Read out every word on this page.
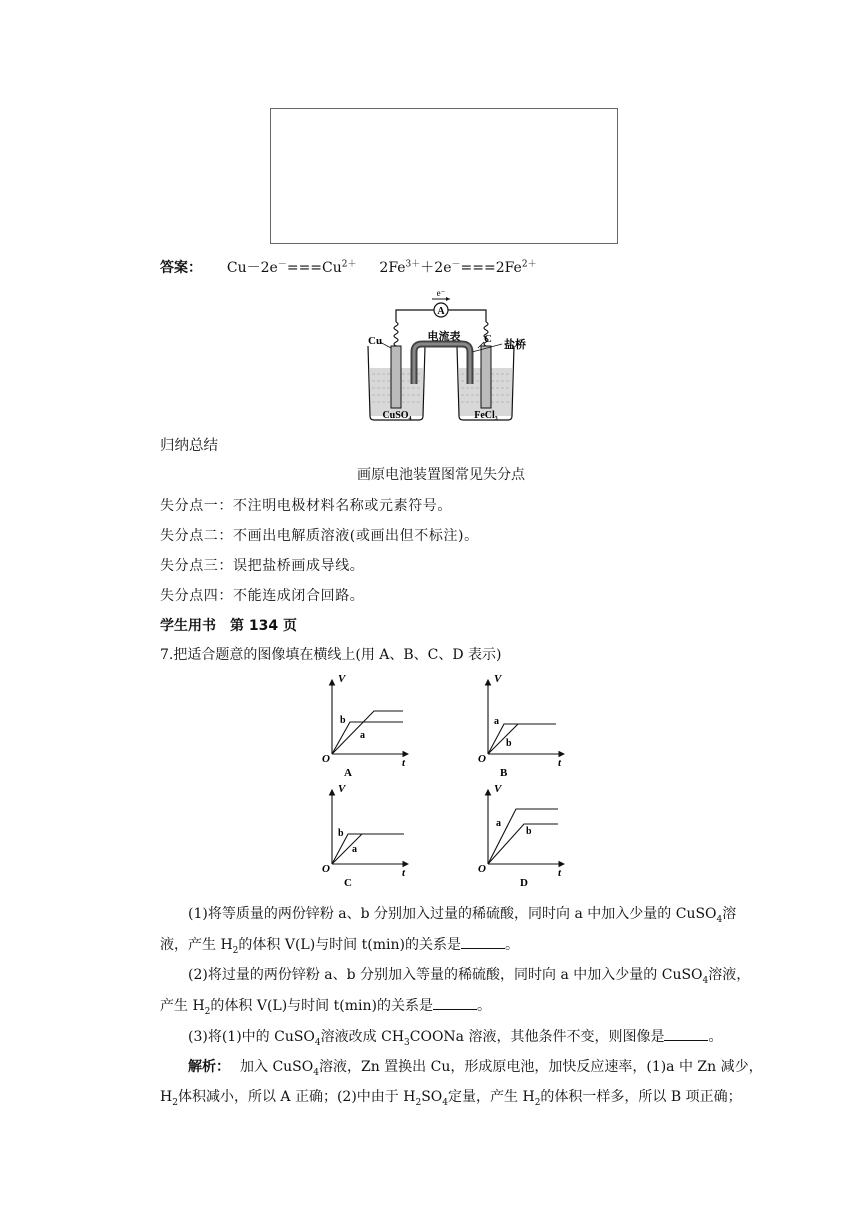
答案： $Cu-2e^-===Cu^{2+}$ $2Fe^{3+}+2e^-===2Fe^{2+}$
A
e⁻
电流表
Cu	C 盐桥
CuSO₄	FeCl₃
归纳总结
画原电池装置图常见失分点
失分点一：不注明电极材料名称或元素符号。
失分点二：不画出电解质溶液(或画出但不标注)。
失分点三：误把盐桥画成导线。
失分点四：不能连成闭合回路。
学生用书　第 134 页
7.把适合题意的图像填在横线上(用 A、B、C、D 表示)
V
t
O
b
a
A
V
t
O
a
b
B
V
t
O
b
a
C
V
t
O
a
b
D
(1)将等质量的两份锌粉 a、b 分别加入过量的稀硫酸，同时向 a 中加入少量的 CuSO$_4$溶
液，产生 $H_2$的体积 V(L)与时间 t(min)的关系是	。
(2)将过量的两份锌粉 a、b 分别加入等量的稀硫酸，同时向 a 中加入少量的 CuSO$_4$溶液，
产生 $H_2$的体积 V(L)与时间 t(min)的关系是	。
(3)将(1)中的 CuSO$_4$溶液改成 $CH_3COONa$ 溶液，其他条件不变，则图像是	。
解析： 加入 CuSO$_4$溶液，Zn 置换出 Cu，形成原电池，加快反应速率，(1)a 中 Zn 减少，
$H_2$体积减小，所以 A 正确；(2)中由于 $H_2SO_4$定量，产生 $H_2$的体积一样多，所以 B 项正确；
